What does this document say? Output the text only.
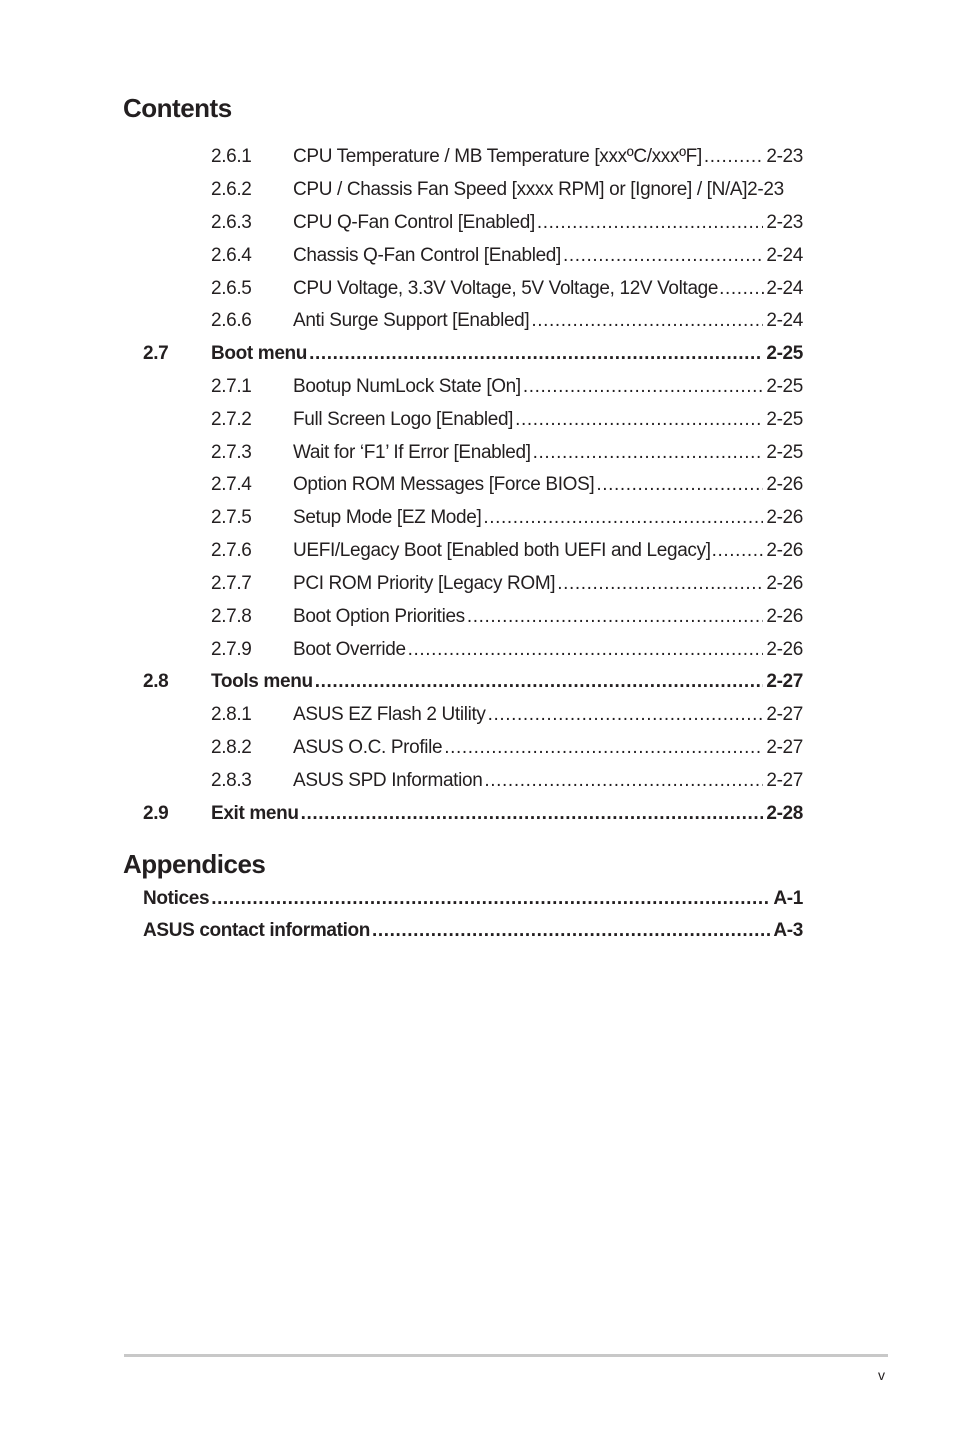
Contents
2.6.1	CPU Temperature / MB Temperature [xxxºC/xxxºF] .....	2-23
2.6.2	CPU / Chassis Fan Speed [xxxx RPM] or [Ignore] / [N/A] 2-23
2.6.3	CPU Q-Fan Control [Enabled] .....	2-23
2.6.4	Chassis Q-Fan Control [Enabled] .....	2-24
2.6.5	CPU Voltage, 3.3V Voltage, 5V Voltage, 12V Voltage .....	2-24
2.6.6	Anti Surge Support [Enabled] .....	2-24
2.7	Boot menu .....	2-25
2.7.1	Bootup NumLock State [On] .....	2-25
2.7.2	Full Screen Logo [Enabled] .....	2-25
2.7.3	Wait for ‘F1’ If Error [Enabled] .....	2-25
2.7.4	Option ROM Messages [Force BIOS] .....	2-26
2.7.5	Setup Mode [EZ Mode] .....	2-26
2.7.6	UEFI/Legacy Boot [Enabled both UEFI and Legacy] .....	2-26
2.7.7	PCI ROM Priority [Legacy ROM] .....	2-26
2.7.8	Boot Option Priorities .....	2-26
2.7.9	Boot Override .....	2-26
2.8	Tools menu .....	2-27
2.8.1	ASUS EZ Flash 2 Utility .....	2-27
2.8.2	ASUS O.C. Profile .....	2-27
2.8.3	ASUS SPD Information .....	2-27
2.9	Exit menu .....	2-28
Appendices
Notices .....	A-1
ASUS contact information .....	A-3
v
